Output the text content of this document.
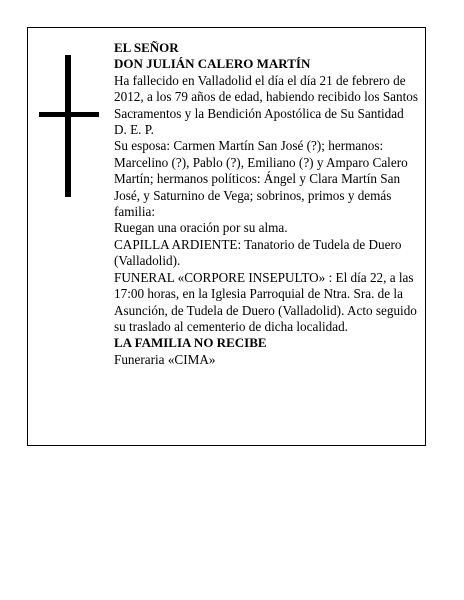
EL SEÑOR

DON JULIÁN CALERO MARTÍN

Ha fallecido en Valladolid el día el día 21 de febrero de 2012, a los 79 años de edad, habiendo recibido los Santos Sacramentos y la Bendición Apostólica de Su Santidad

D. E. P.

Su esposa: Carmen Martín San José (?); hermanos: Marcelino (?), Pablo (?), Emiliano (?) y Amparo Calero Martín; hermanos políticos: Ángel y Clara Martín San José, y Saturnino de Vega; sobrinos, primos y demás familia:

Ruegan una oración por su alma.

CAPILLA ARDIENTE: Tanatorio de Tudela de Duero (Valladolid).

FUNERAL «CORPORE INSEPULTO» : El día 22, a las 17:00 horas, en la Iglesia Parroquial de Ntra. Sra. de la Asunción, de Tudela de Duero (Valladolid). Acto seguido su traslado al cementerio de dicha localidad.

LA FAMILIA NO RECIBE

Funeraria «CIMA»
